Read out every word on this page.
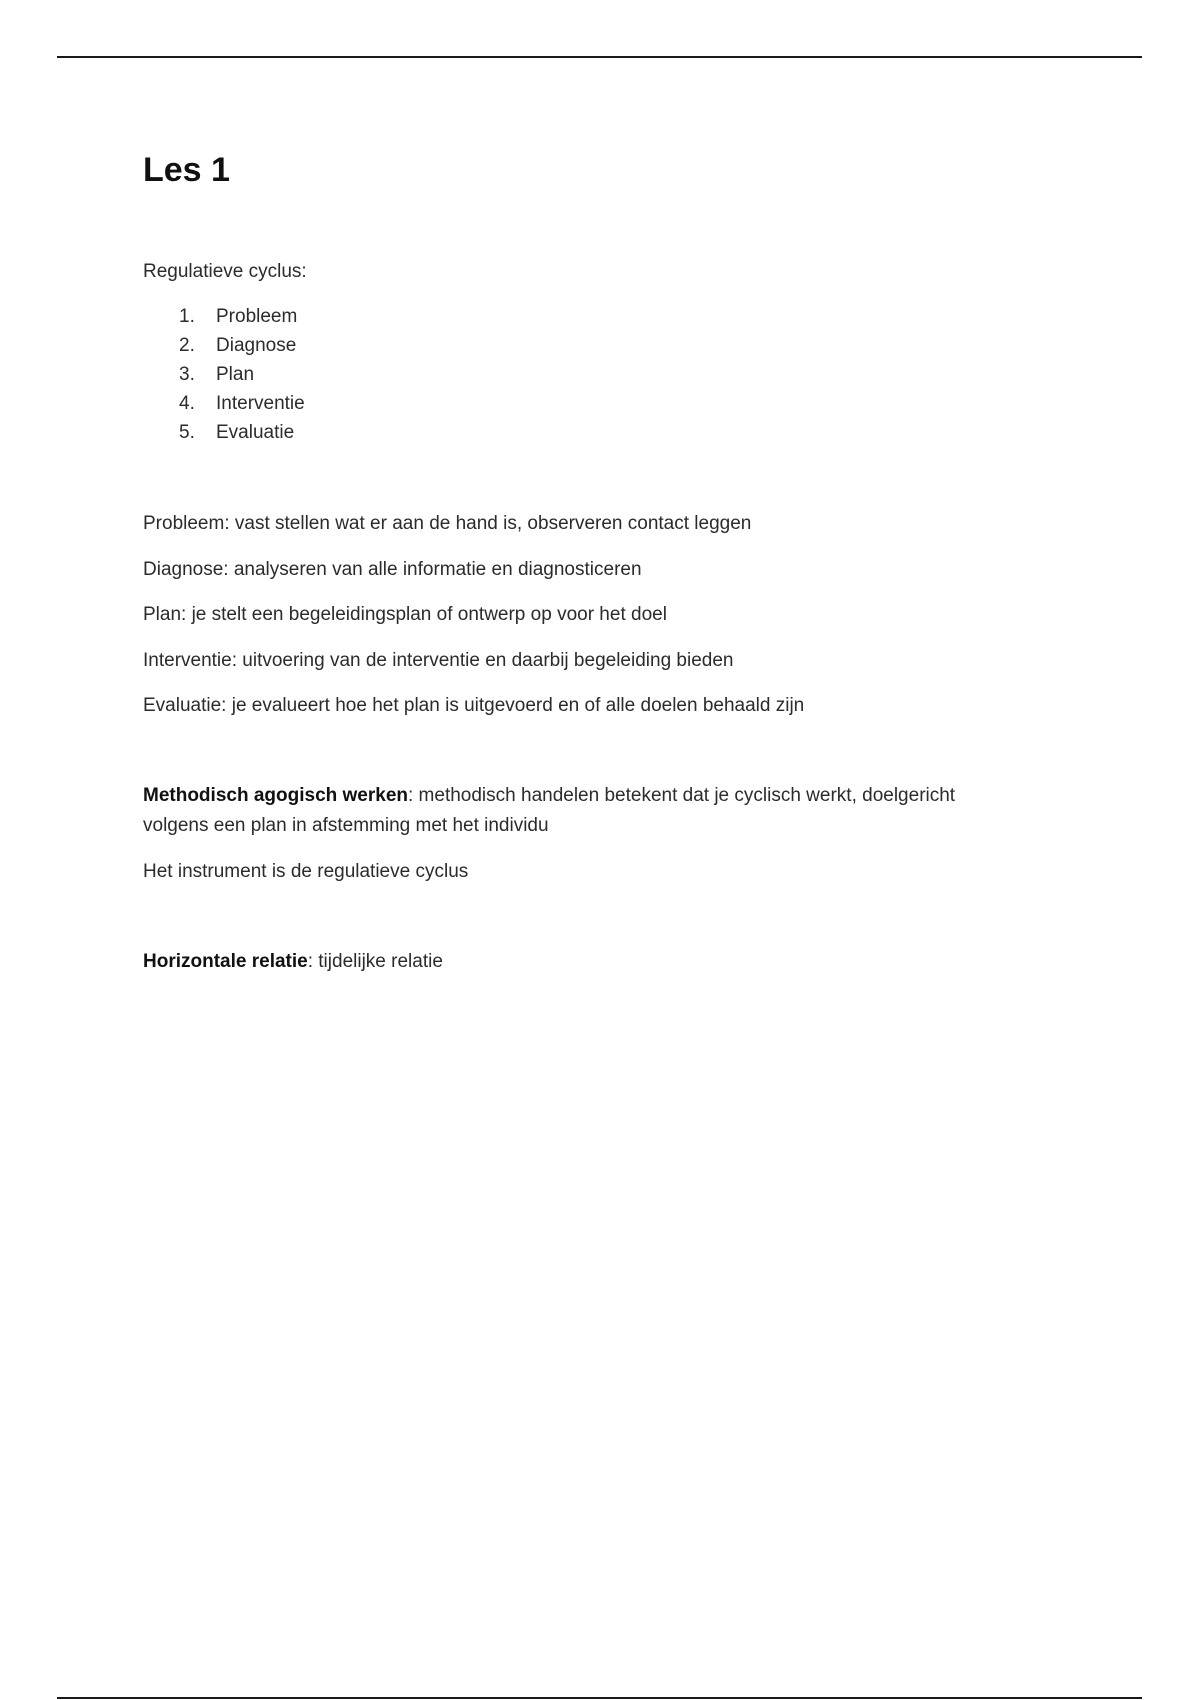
Les 1

Regulatieve cyclus:

1.	Probleem
2.	Diagnose
3.	Plan
4.	Interventie
5.	Evaluatie

Probleem: vast stellen wat er aan de hand is, observeren contact leggen

Diagnose: analyseren van alle informatie en diagnosticeren

Plan: je stelt een begeleidingsplan of ontwerp op voor het doel

Interventie: uitvoering van de interventie en daarbij begeleiding bieden

Evaluatie: je evalueert hoe het plan is uitgevoerd en of alle doelen behaald zijn

Methodisch agogisch werken: methodisch handelen betekent dat je cyclisch werkt, doelgericht

volgens een plan in afstemming met het individu

Het instrument is de regulatieve cyclus

Horizontale relatie: tijdelijke relatie
